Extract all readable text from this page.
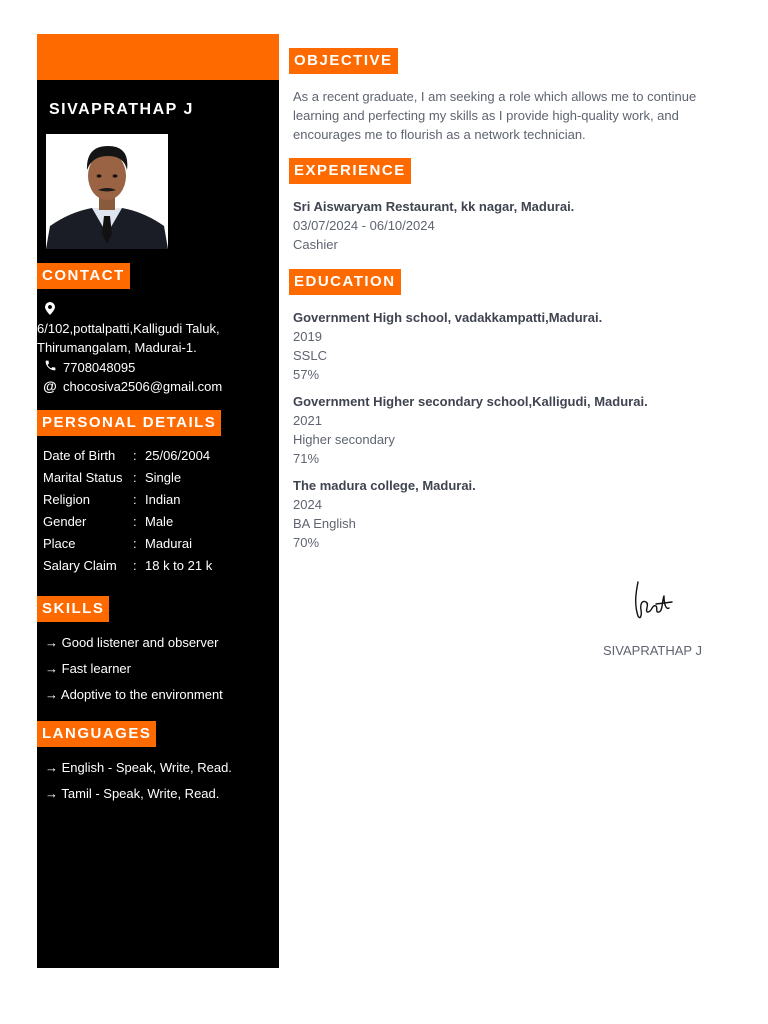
SIVAPRATHAP J
CONTACT
6/102,pottalpatti,Kalligudi Taluk,
Thirumangalam, Madurai-1.
7708048095
@ chocosiva2506@gmail.com
PERSONAL DETAILS
Date of Birth : 25/06/2004
Marital Status : Single
Religion	: Indian
Gender	: Male
Place	: Madurai
Salary Claim : 18 k to 21 k
SKILLS
→ Good listener and observer
→ Fast learner
→ Adoptive to the environment
LANGUAGES
→ English - Speak, Write, Read.
→ Tamil - Speak, Write, Read.
OBJECTIVE
As a recent graduate, I am seeking a role which allows me to continue
learning and perfecting my skills as I provide high-quality work, and
encourages me to flourish as a network technician.
EXPERIENCE
Sri Aiswaryam Restaurant, kk nagar, Madurai.
03/07/2024 - 06/10/2024
Cashier
EDUCATION
Government High school, vadakkampatti,Madurai.
2019
SSLC
57%
Government Higher secondary school,Kalligudi, Madurai.
2021
Higher secondary
71%
The madura college, Madurai.
2024
BA English
70%
SIVAPRATHAP J
